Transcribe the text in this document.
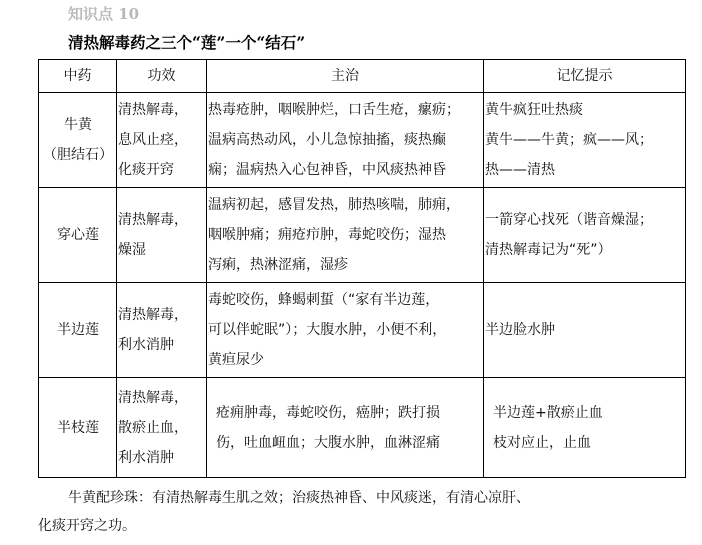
知识点 10
清热解毒药之三个“莲”一个“结石”
中药	功效	主治	记忆提示

牛黄
（胆结石）	清热解毒，
息风止痉，
化痰开窍	热毒疮肿，咽喉肿烂，口舌生疮，瘰疬；
温病高热动风，小儿急惊抽搐，痰热癫
痫；温病热入心包神昏，中风痰热神昏	黄牛疯狂吐热痰
黄牛——牛黄；疯——风；
热——清热

穿心莲	清热解毒，
燥湿	温病初起，感冒发热，肺热咳喘，肺痈，
咽喉肿痛；痈疮疖肿，毒蛇咬伤；湿热
泻痢，热淋涩痛，湿疹	一箭穿心找死（谐音燥湿；
清热解毒记为“死”）

半边莲	清热解毒，
利水消肿	毒蛇咬伤，蜂蝎刺蜇（“家有半边莲，
可以伴蛇眠”）；大腹水肿，小便不利，
黄疸尿少	半边脸水肿

半枝莲	清热解毒，
散瘀止血，
利水消肿	疮痈肿毒，毒蛇咬伤，癌肿；跌打损
伤，吐血衄血；大腹水肿，血淋涩痛	半边莲+散瘀止血
枝对应止，止血
牛黄配珍珠：有清热解毒生肌之效；治痰热神昏、中风痰迷，有清心凉肝、
化痰开窍之功。
